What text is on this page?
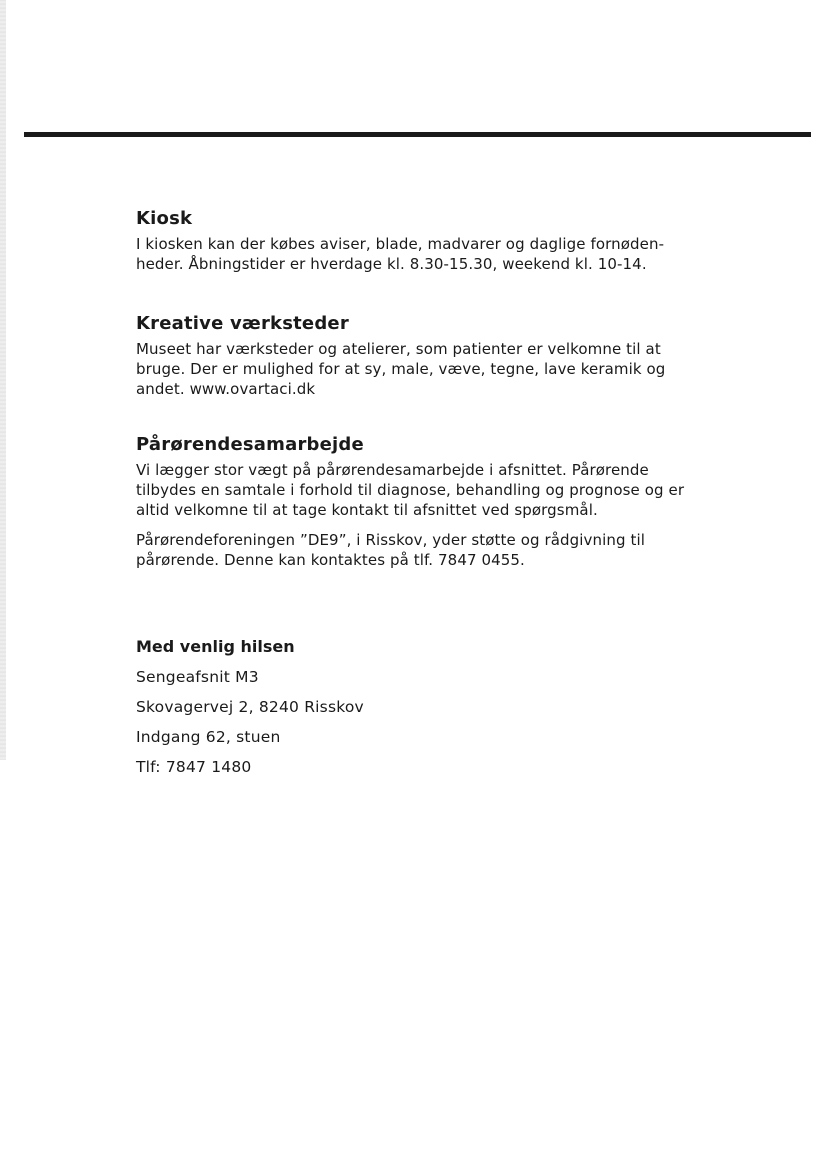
Kiosk

I kiosken kan der købes aviser, blade, madvarer og daglige fornøden-heder. Åbningstider er hverdage kl. 8.30-15.30, weekend kl. 10-14.

Kreative værksteder

Museet har værksteder og atelierer, som patienter er velkomne til at bruge. Der er mulighed for at sy, male, væve, tegne, lave keramik og andet. www.ovartaci.dk

Pårørendesamarbejde

Vi lægger stor vægt på pårørendesamarbejde i afsnittet. Pårørende tilbydes en samtale i forhold til diagnose, behandling og prognose og er altid velkomne til at tage kontakt til afsnittet ved spørgsmål.

Pårørendeforeningen ”DE9”, i Risskov, yder støtte og rådgivning til pårørende. Denne kan kontaktes på tlf. 7847 0455.

Med venlig hilsen
Sengeafsnit M3
Skovagervej 2, 8240 Risskov
Indgang 62, stuen
Tlf: 7847 1480
